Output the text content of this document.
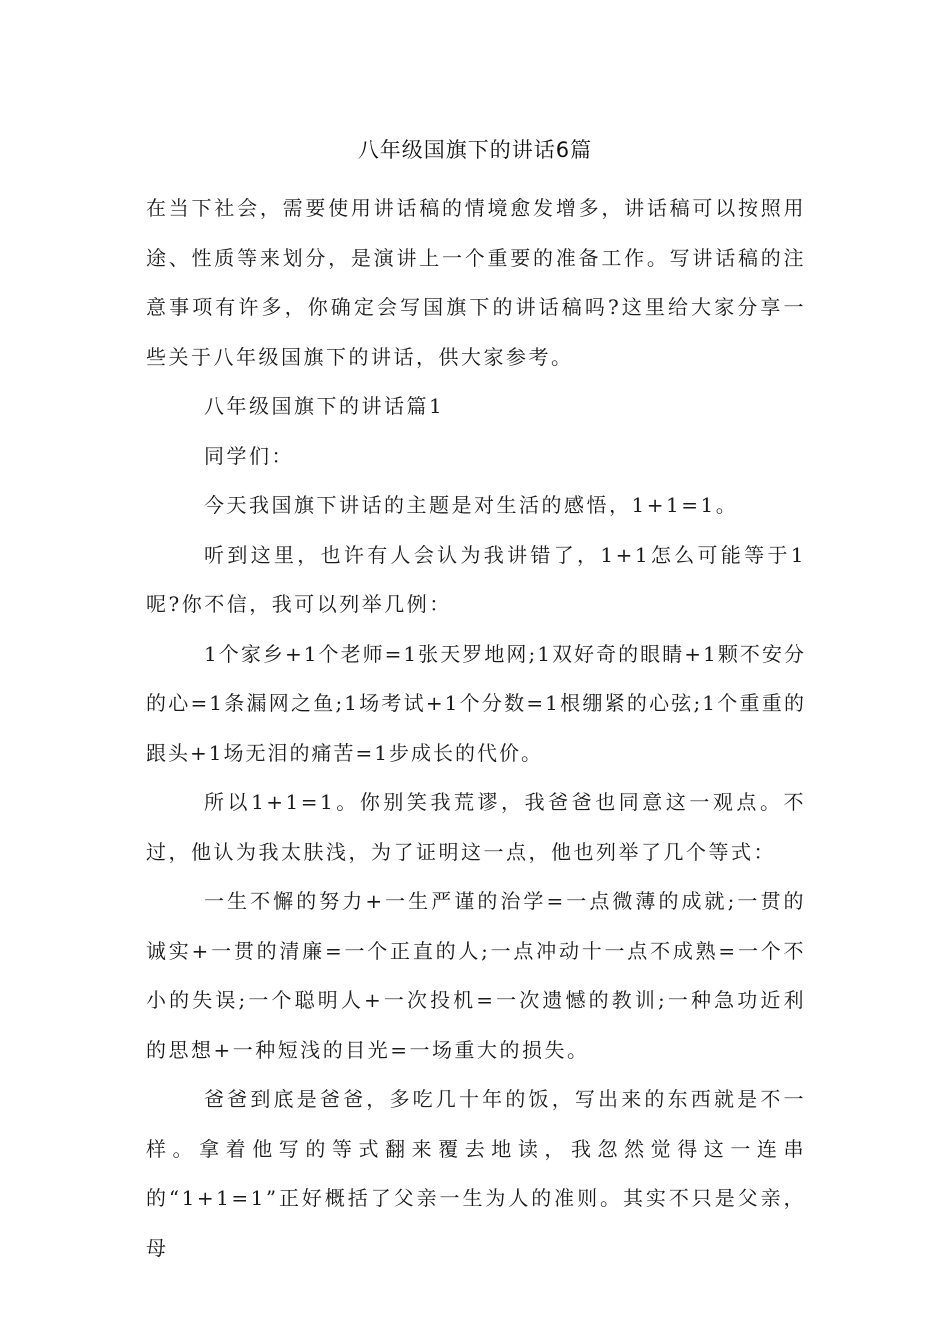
八年级国旗下的讲话6篇

在当下社会，需要使用讲话稿的情境愈发增多，讲话稿可以按照用途、性质等来划分，是演讲上一个重要的准备工作。写讲话稿的注意事项有许多，你确定会写国旗下的讲话稿吗?这里给大家分享一些关于八年级国旗下的讲话，供大家参考。

八年级国旗下的讲话篇1

同学们：

今天我国旗下讲话的主题是对生活的感悟，1+1=1。

听到这里，也许有人会认为我讲错了，1+1怎么可能等于1呢?你不信，我可以列举几例：

1个家乡+1个老师=1张天罗地网;1双好奇的眼睛+1颗不安分的心=1条漏网之鱼;1场考试+1个分数=1根绷紧的心弦;1个重重的跟头+1场无泪的痛苦=1步成长的代价。

所以1+1=1。你别笑我荒谬，我爸爸也同意这一观点。不过，他认为我太肤浅，为了证明这一点，他也列举了几个等式：

一生不懈的努力+一生严谨的治学=一点微薄的成就;一贯的诚实+一贯的清廉=一个正直的人;一点冲动十一点不成熟=一个不小的失误;一个聪明人+一次投机=一次遗憾的教训;一种急功近利的思想+一种短浅的目光=一场重大的损失。

爸爸到底是爸爸，多吃几十年的饭，写出来的东西就是不一样。拿着他写的等式翻来覆去地读，我忽然觉得这一连串的“1+1=1”正好概括了父亲一生为人的准则。其实不只是父亲，母
